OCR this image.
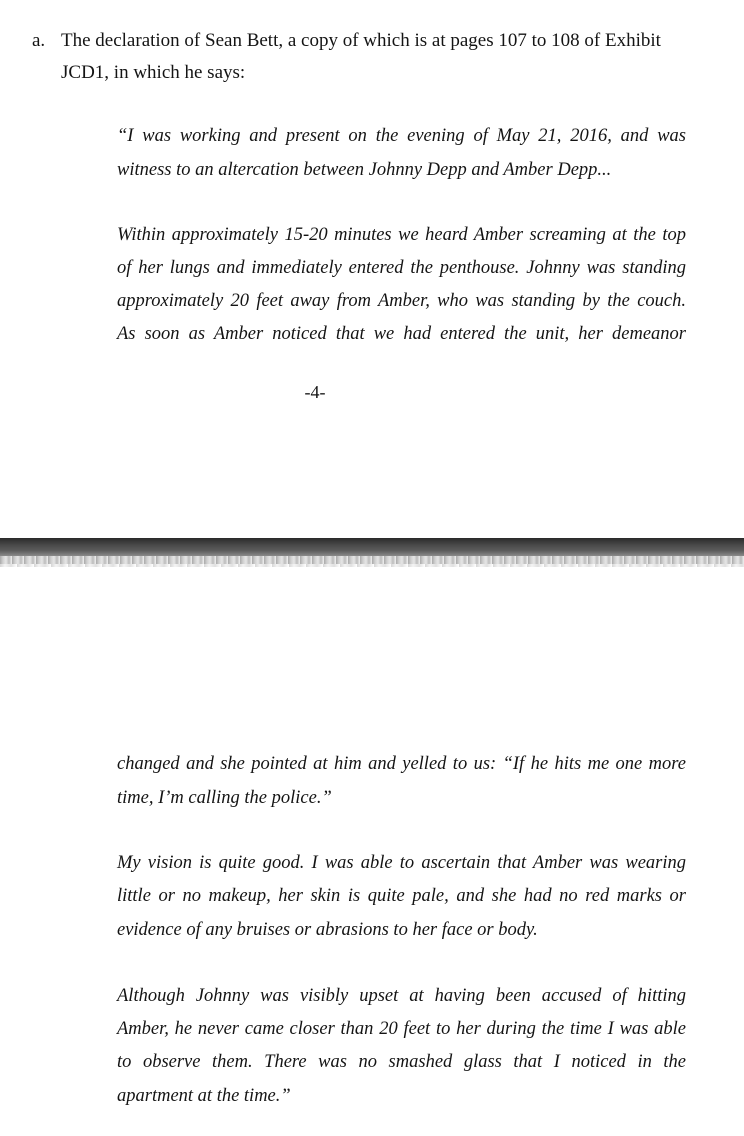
a. The declaration of Sean Bett, a copy of which is at pages 107 to 108 of Exhibit
JCD1, in which he says:
“I was working and present on the evening of May 21, 2016, and was
witness to an altercation between Johnny Depp and Amber Depp...
Within approximately 15-20 minutes we heard Amber screaming at the top
of her lungs and immediately entered the penthouse. Johnny was standing
approximately 20 feet away from Amber, who was standing by the couch.
As soon as Amber noticed that we had entered the unit, her demeanor
-4-
changed and she pointed at him and yelled to us: “If he hits me one more
time, I’m calling the police.”
My vision is quite good. I was able to ascertain that Amber was wearing
little or no makeup, her skin is quite pale, and she had no red marks or
evidence of any bruises or abrasions to her face or body.
Although Johnny was visibly upset at having been accused of hitting
Amber, he never came closer than 20 feet to her during the time I was able
to observe them. There was no smashed glass that I noticed in the
apartment at the time.”
